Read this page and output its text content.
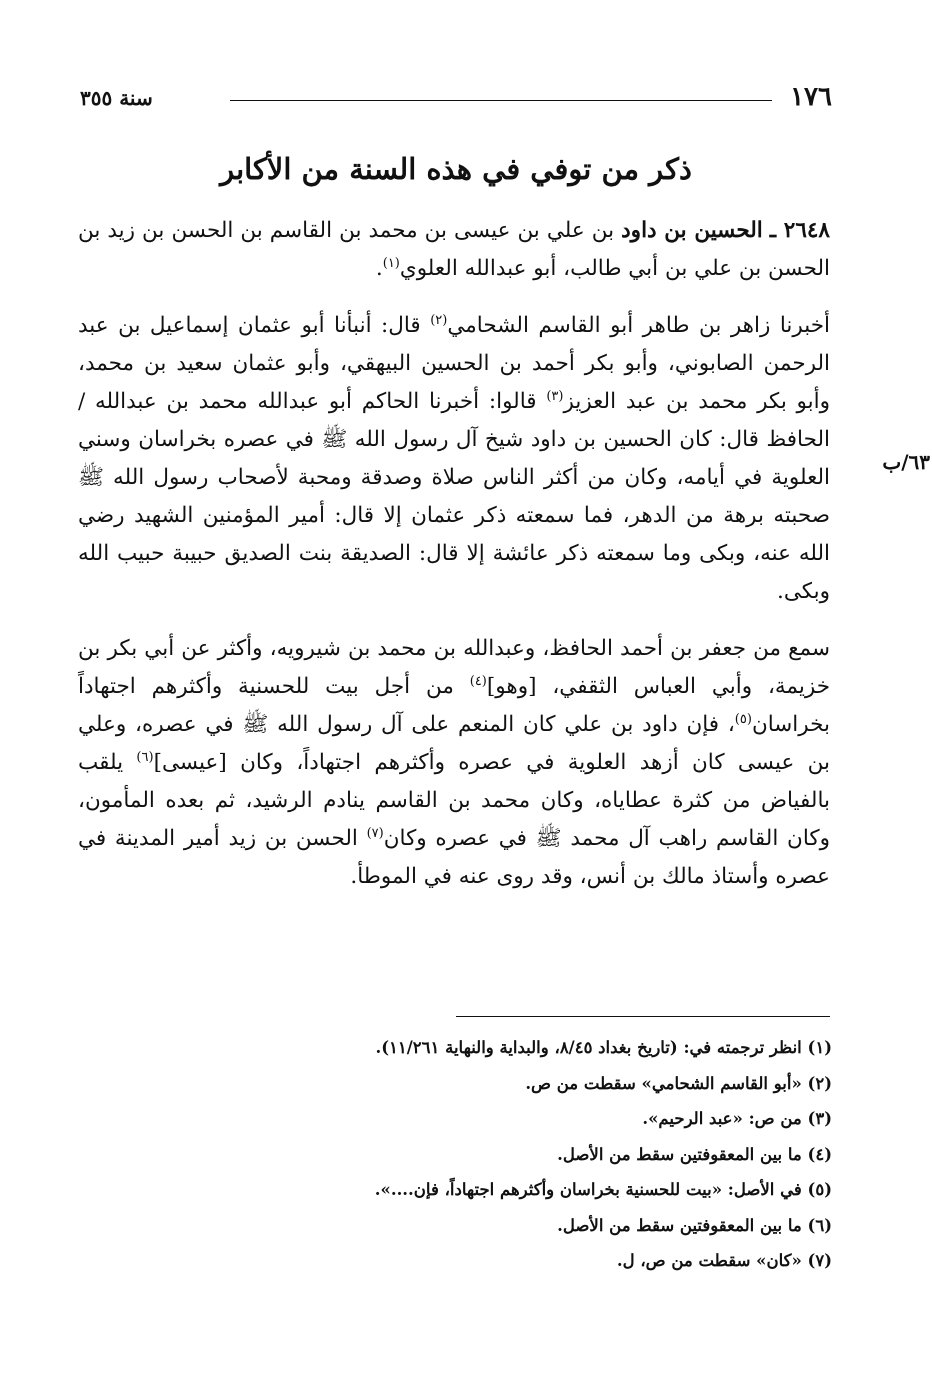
١٧٦
سنة ٣٥٥
ذكر من توفي في هذه السنة من الأكابر
٦٣/ب

٢٦٤٨ ـ الحسين بن داود بن علي بن عيسى بن محمد بن القاسم بن الحسن بن زيد بن الحسن بن علي بن أبي طالب، أبو عبدالله العلوي$^{(١)}$.

أخبرنا زاهر بن طاهر أبو القاسم الشحامي$^{(٢)}$ قال: أنبأنا أبو عثمان إسماعيل بن عبد الرحمن الصابوني، وأبو بكر أحمد بن الحسين البيهقي، وأبو عثمان سعيد بن محمد، وأبو بكر محمد بن عبد العزيز$^{(٣)}$ قالوا: أخبرنا الحاكم أبو عبدالله محمد بن عبدالله / الحافظ قال: كان الحسين بن داود شيخ آل رسول الله ﷺ في عصره بخراسان وسني العلوية في أيامه، وكان من أكثر الناس صلاة وصدقة ومحبة لأصحاب رسول الله ﷺ صحبته برهة من الدهر، فما سمعته ذكر عثمان إلا قال: أمير المؤمنين الشهيد رضي الله عنه، وبكى وما سمعته ذكر عائشة إلا قال: الصديقة بنت الصديق حبيبة حبيب الله وبكى.

سمع من جعفر بن أحمد الحافظ، وعبدالله بن محمد بن شيرويه، وأكثر عن أبي بكر بن خزيمة، وأبي العباس الثقفي، [وهو]$^{(٤)}$ من أجل بيت للحسنية وأكثرهم اجتهاداً بخراسان$^{(٥)}$، فإن داود بن علي كان المنعم على آل رسول الله ﷺ في عصره، وعلي بن عيسى كان أزهد العلوية في عصره وأكثرهم اجتهاداً، وكان [عيسى]$^{(٦)}$ يلقب بالفياض من كثرة عطاياه، وكان محمد بن القاسم ينادم الرشيد، ثم بعده المأمون، وكان القاسم راهب آل محمد ﷺ في عصره وكان$^{(٧)}$ الحسن بن زيد أمير المدينة في عصره وأستاذ مالك بن أنس، وقد روى عنه في الموطأ.

(١) انظر ترجمته في: (تاريخ بغداد ٨/٤٥، والبداية والنهاية ١١/٢٦١).

(٢) «أبو القاسم الشحامي» سقطت من ص.

(٣) من ص: «عبد الرحيم».

(٤) ما بين المعقوفتين سقط من الأصل.

(٥) في الأصل: «بيت للحسنية بخراسان وأكثرهم اجتهاداً، فإن....».

(٦) ما بين المعقوفتين سقط من الأصل.

(٧) «كان» سقطت من ص، ل.
